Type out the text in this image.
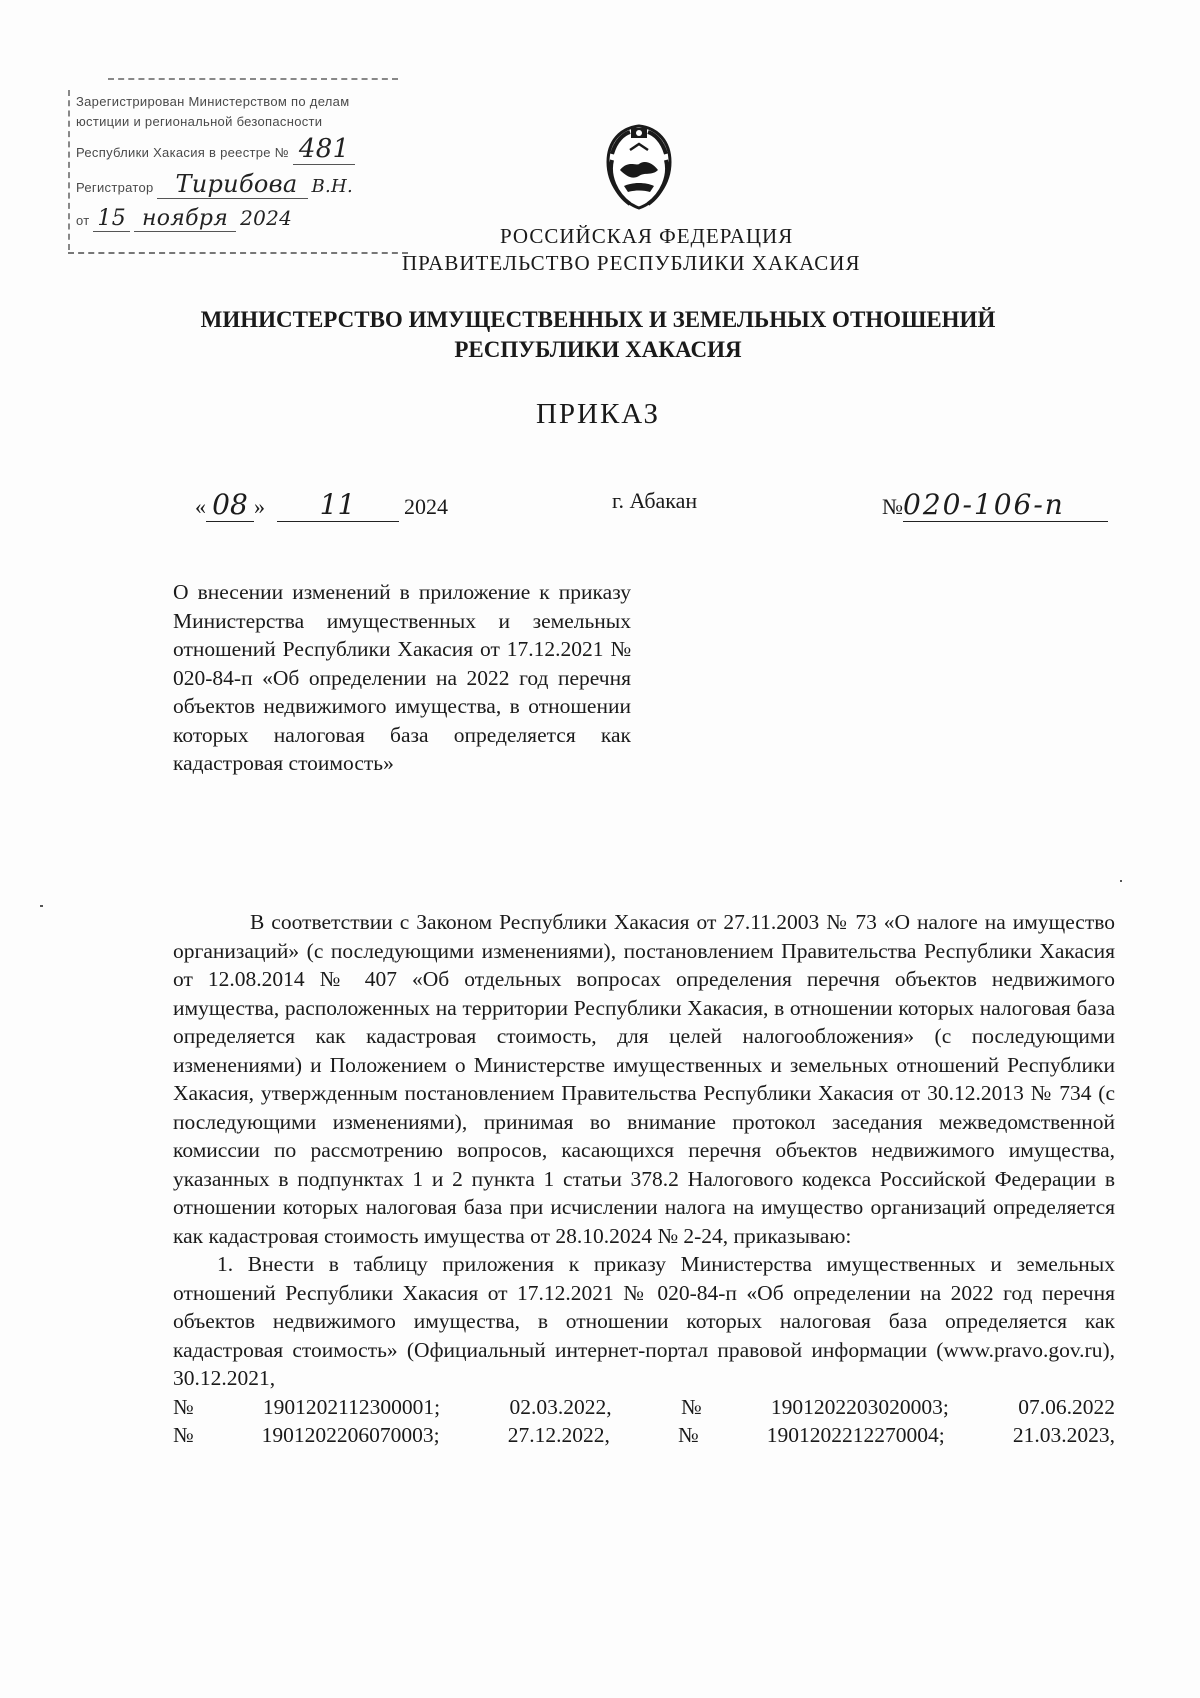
Зарегистрирован Министерством по делам
юстиции и региональной безопасности
Республики Хакасия в реестре № 481
Регистратор Тирибова В.Н.
от 15 ноября 2024
РОССИЙСКАЯ ФЕДЕРАЦИЯ
ПРАВИТЕЛЬСТВО РЕСПУБЛИКИ ХАКАСИЯ
МИНИСТЕРСТВО ИМУЩЕСТВЕННЫХ И ЗЕМЕЛЬНЫХ ОТНОШЕНИЙ
РЕСПУБЛИКИ ХАКАСИЯ
ПРИКАЗ
« 08 » 11 2024	г. Абакан	№020-106-п
О внесении изменений в приложение к приказу Министерства имущественных и земельных отношений Республики Хакасия от 17.12.2021 № 020-84-п «Об определении на 2022 год перечня объектов недвижимого имущества, в отношении которых налоговая база определяется как кадастровая стоимость»

В соответствии с Законом Республики Хакасия от 27.11.2003 № 73 «О налоге на имущество организаций» (с последующими изменениями), постановлением Правительства Республики Хакасия от 12.08.2014 № 407 «Об отдельных вопросах определения перечня объектов недвижимого имущества, расположенных на территории Республики Хакасия, в отношении которых налоговая база определяется как кадастровая стоимость, для целей налогообложения» (с последующими изменениями) и Положением о Министерстве имущественных и земельных отношений Республики Хакасия, утвержденным постановлением Правительства Республики Хакасия от 30.12.2013 № 734 (с последующими изменениями), принимая во внимание протокол заседания межведомственной комиссии по рассмотрению вопросов, касающихся перечня объектов недвижимого имущества, указанных в подпунктах 1 и 2 пункта 1 статьи 378.2 Налогового кодекса Российской Федерации в отношении которых налоговая база при исчислении налога на имущество организаций определяется как кадастровая стоимость имущества от 28.10.2024 № 2-24, приказываю:

1. Внести в таблицу приложения к приказу Министерства имущественных и земельных отношений Республики Хакасия от 17.12.2021 № 020-84-п «Об определении на 2022 год перечня объектов недвижимого имущества, в отношении которых налоговая база определяется как кадастровая стоимость» (Официальный интернет-портал правовой информации (www.pravo.gov.ru), 30.12.2021,

№	1901202112300001;	02.03.2022,	№	1901202203020003;	07.06.2022
№	1901202206070003;	27.12.2022,	№	1901202212270004;	21.03.2023,
